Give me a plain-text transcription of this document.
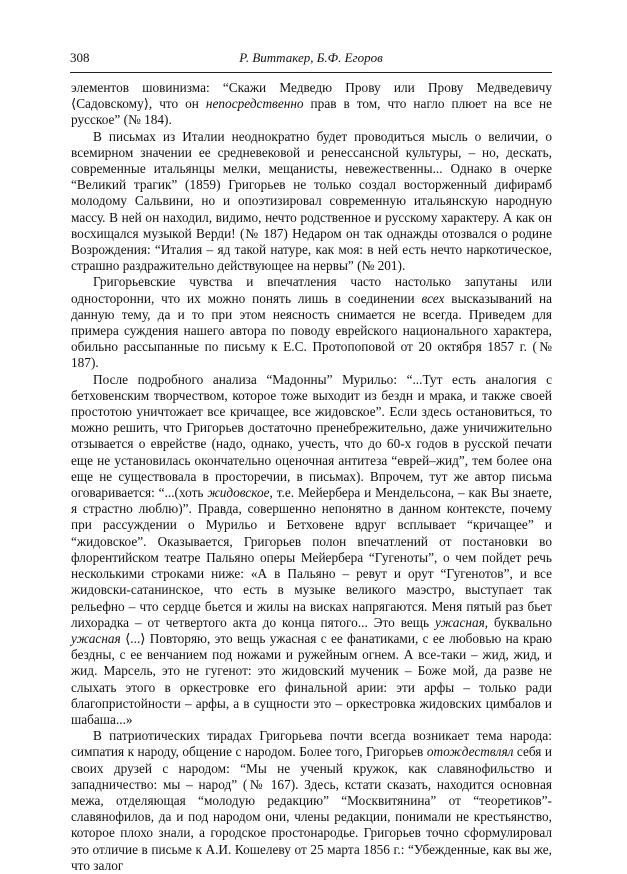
308	Р. Виттакер, Б.Ф. Егоров

элементов шовинизма: “Скажи Медведю Прову или Прову Медведевичу ⟨Садовскому⟩, что он непосредственно прав в том, что нагло плюет на все не русское” (№ 184).

В письмах из Италии неоднократно будет проводиться мысль о величии, о всемирном значении ее средневековой и ренессансной культуры, – но, дескать, современные итальянцы мелки, мещанисты, невежественны... Однако в очерке “Великий трагик” (1859) Григорьев не только создал восторженный дифирамб молодому Сальвини, но и опоэтизировал современную итальянскую народную массу. В ней он находил, видимо, нечто родственное и русскому характеру. А как он восхищался музыкой Верди! (№ 187) Недаром он так однажды отозвался о родине Возрождения: “Италия – яд такой натуре, как моя: в ней есть нечто наркотическое, страшно раздражительно действующее на нервы” (№ 201).

Григорьевские чувства и впечатления часто настолько запутаны или односторонни, что их можно понять лишь в соединении всех высказываний на данную тему, да и то при этом неясность снимается не всегда. Приведем для примера суждения нашего автора по поводу еврейского национального характера, обильно рассыпанные по письму к Е.С. Протопоповой от 20 октября 1857 г. (№ 187).

После подробного анализа “Мадонны” Мурильо: “...Тут есть аналогия с бетховенским творчеством, которое тоже выходит из бездн и мрака, и также своей простотою уничтожает все кричащее, все жидовское”. Если здесь остановиться, то можно решить, что Григорьев достаточно пренебрежительно, даже уничижительно отзывается о еврействе (надо, однако, учесть, что до 60-х годов в русской печати еще не установилась окончательно оценочная антитеза “еврей–жид”, тем более она еще не существовала в просторечии, в письмах). Впрочем, тут же автор письма оговаривается: “...(хоть жидовское, т.е. Мейербера и Мендельсона, – как Вы знаете, я страстно люблю)”. Правда, совершенно непонятно в данном контексте, почему при рассуждении о Мурильо и Бетховене вдруг всплывает “кричащее” и “жидовское”. Оказывается, Григорьев полон впечатлений от постановки во флорентийском театре Пальяно оперы Мейербера “Гугеноты”, о чем пойдет речь несколькими строками ниже: «А в Пальяно – ревут и орут “Гугенотов”, и все жидовски-сатанинское, что есть в музыке великого маэстро, выступает так рельефно – что сердце бьется и жилы на висках напрягаются. Меня пятый раз бьет лихорадка – от четвертого акта до конца пятого... Это вещь ужасная, буквально ужасная ⟨...⟩ Повторяю, это вещь ужасная с ее фанатиками, с ее любовью на краю бездны, с ее венчанием под ножами и ружейным огнем. А все-таки – жид, жид, и жид. Марсель, это не гугенот: это жидовский мученик – Боже мой, да разве не слыхать этого в оркестровке его финальной арии: эти арфы – только ради благопристойности – арфы, а в сущности это – оркестровка жидовских цимбалов и шабаша...»

В патриотических тирадах Григорьева почти всегда возникает тема народа: симпатия к народу, общение с народом. Более того, Григорьев отождествлял себя и своих друзей с народом: “Мы не ученый кружок, как славянофильство и западничество: мы – народ” (№ 167). Здесь, кстати сказать, находится основная межа, отделяющая “молодую редакцию” “Москвитянина” от “теоретиков”-славянофилов, да и под народом они, члены редакции, понимали не крестьянство, которое плохо знали, а городское простонародье. Григорьев точно сформулировал это отличие в письме к А.И. Кошелеву от 25 марта 1856 г.: “Убежденные, как вы же, что залог
